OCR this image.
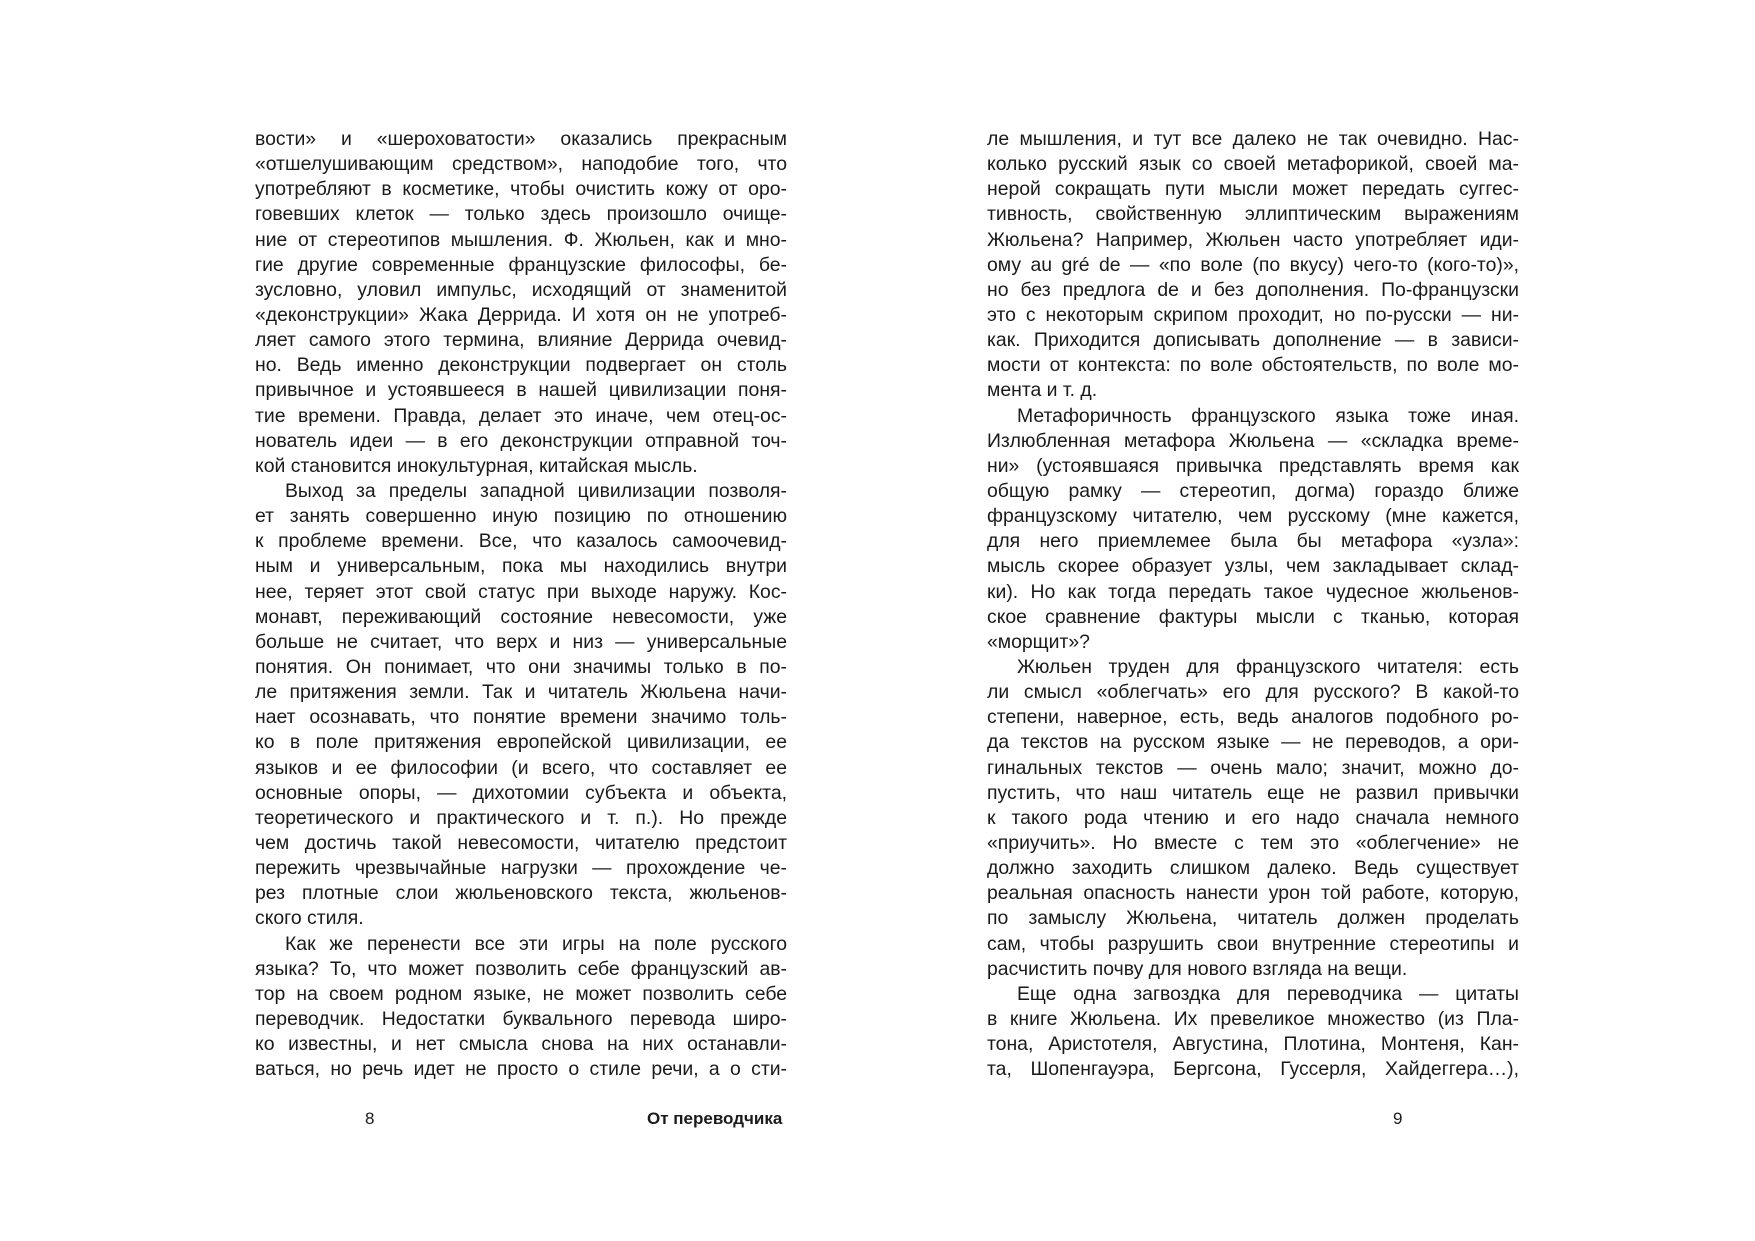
вости» и «шероховатости» оказались прекрасным
«отшелушивающим средством», наподобие того, что
употребляют в косметике, чтобы очистить кожу от оро-
говевших клеток — только здесь произошло очище-
ние от стереотипов мышления. Ф. Жюльен, как и мно-
гие другие современные французские философы, бе-
зусловно, уловил импульс, исходящий от знаменитой
«деконструкции» Жака Деррида. И хотя он не употреб-
ляет самого этого термина, влияние Деррида очевид-
но. Ведь именно деконструкции подвергает он столь
привычное и устоявшееся в нашей цивилизации поня-
тие времени. Правда, делает это иначе, чем отец-ос-
нователь идеи — в его деконструкции отправной точ-
кой становится инокультурная, китайская мысль.
Выход за пределы западной цивилизации позволя-
ет занять совершенно иную позицию по отношению
к проблеме времени. Все, что казалось самоочевид-
ным и универсальным, пока мы находились внутри
нее, теряет этот свой статус при выходе наружу. Кос-
монавт, переживающий состояние невесомости, уже
больше не считает, что верх и низ — универсальные
понятия. Он понимает, что они значимы только в по-
ле притяжения земли. Так и читатель Жюльена начи-
нает осознавать, что понятие времени значимо толь-
ко в поле притяжения европейской цивилизации, ее
языков и ее философии (и всего, что составляет ее
основные опоры, — дихотомии субъекта и объекта,
теоретического и практического и т. п.). Но прежде
чем достичь такой невесомости, читателю предстоит
пережить чрезвычайные нагрузки — прохождение че-
рез плотные слои жюльеновского текста, жюльенов-
ского стиля.
Как же перенести все эти игры на поле русского
языка? То, что может позволить себе французский ав-
тор на своем родном языке, не может позволить себе
переводчик. Недостатки буквального перевода широ-
ко известны, и нет смысла снова на них останавли-
ваться, но речь идет не просто о стиле речи, а о сти-
8	От переводчика
ле мышления, и тут все далеко не так очевидно. Нас-
колько русский язык со своей метафорикой, своей ма-
нерой сокращать пути мысли может передать суггес-
тивность, свойственную эллиптическим выражениям
Жюльена? Например, Жюльен часто употребляет иди-
ому au gré de — «по воле (по вкусу) чего-то (кого-то)»,
но без предлога de и без дополнения. По-французски
это с некоторым скрипом проходит, но по-русски — ни-
как. Приходится дописывать дополнение — в зависи-
мости от контекста: по воле обстоятельств, по воле мо-
мента и т. д.
Метафоричность французского языка тоже иная.
Излюбленная метафора Жюльена — «складка време-
ни» (устоявшаяся привычка представлять время как
общую рамку — стереотип, догма) гораздо ближе
французскому читателю, чем русскому (мне кажется,
для него приемлемее была бы метафора «узла»:
мысль скорее образует узлы, чем закладывает склад-
ки). Но как тогда передать такое чудесное жюльенов-
ское сравнение фактуры мысли с тканью, которая
«морщит»?
Жюльен труден для французского читателя: есть
ли смысл «облегчать» его для русского? В какой-то
степени, наверное, есть, ведь аналогов подобного ро-
да текстов на русском языке — не переводов, а ори-
гинальных текстов — очень мало; значит, можно до-
пустить, что наш читатель еще не развил привычки
к такого рода чтению и его надо сначала немного
«приучить». Но вместе с тем это «облегчение» не
должно заходить слишком далеко. Ведь существует
реальная опасность нанести урон той работе, которую,
по замыслу Жюльена, читатель должен проделать
сам, чтобы разрушить свои внутренние стереотипы и
расчистить почву для нового взгляда на вещи.
Еще одна загвоздка для переводчика — цитаты
в книге Жюльена. Их превеликое множество (из Пла-
тона, Аристотеля, Августина, Плотина, Монтеня, Кан-
та, Шопенгауэра, Бергсона, Гуссерля, Хайдеггера…),
9
